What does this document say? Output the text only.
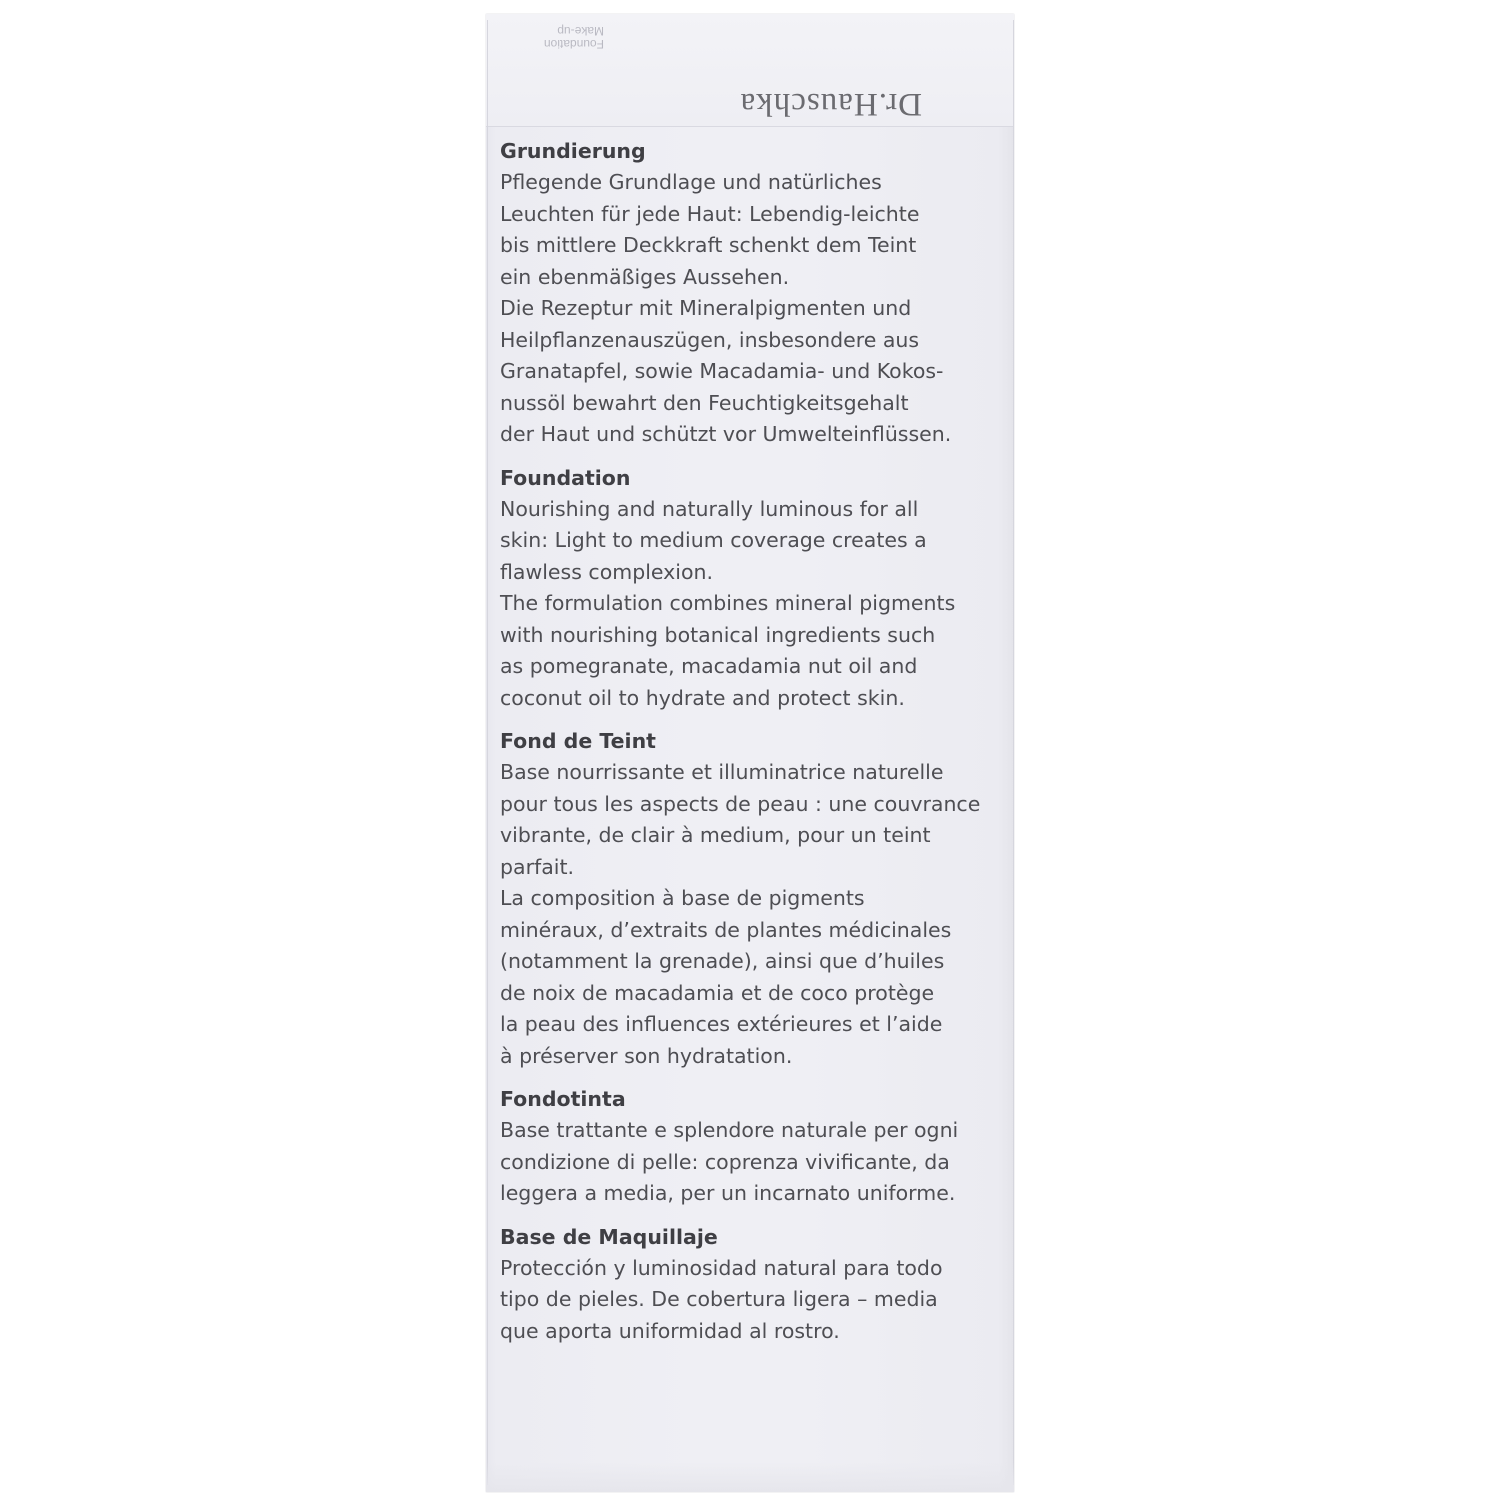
Dr.Hauschka
Foundation
Make-up
Grundierung
Pflegende Grundlage und natürliches
Leuchten für jede Haut: Lebendig-leichte
bis mittlere Deckkraft schenkt dem Teint
ein ebenmäßiges Aussehen.
Die Rezeptur mit Mineralpigmenten und
Heilpflanzenauszügen, insbesondere aus
Granatapfel, sowie Macadamia- und Kokos-
nussöl bewahrt den Feuchtigkeitsgehalt
der Haut und schützt vor Umwelteinflüssen.
Foundation
Nourishing and naturally luminous for all
skin: Light to medium coverage creates a
flawless complexion.
The formulation combines mineral pigments
with nourishing botanical ingredients such
as pomegranate, macadamia nut oil and
coconut oil to hydrate and protect skin.
Fond de Teint
Base nourrissante et illuminatrice naturelle
pour tous les aspects de peau : une couvrance
vibrante, de clair à medium, pour un teint
parfait.
La composition à base de pigments
minéraux, d’extraits de plantes médicinales
(notamment la grenade), ainsi que d’huiles
de noix de macadamia et de coco protège
la peau des influences extérieures et l’aide
à préserver son hydratation.
Fondotinta
Base trattante e splendore naturale per ogni
condizione di pelle: coprenza vivificante, da
leggera a media, per un incarnato uniforme.
Base de Maquillaje
Protección y luminosidad natural para todo
tipo de pieles. De cobertura ligera – media
que aporta uniformidad al rostro.
